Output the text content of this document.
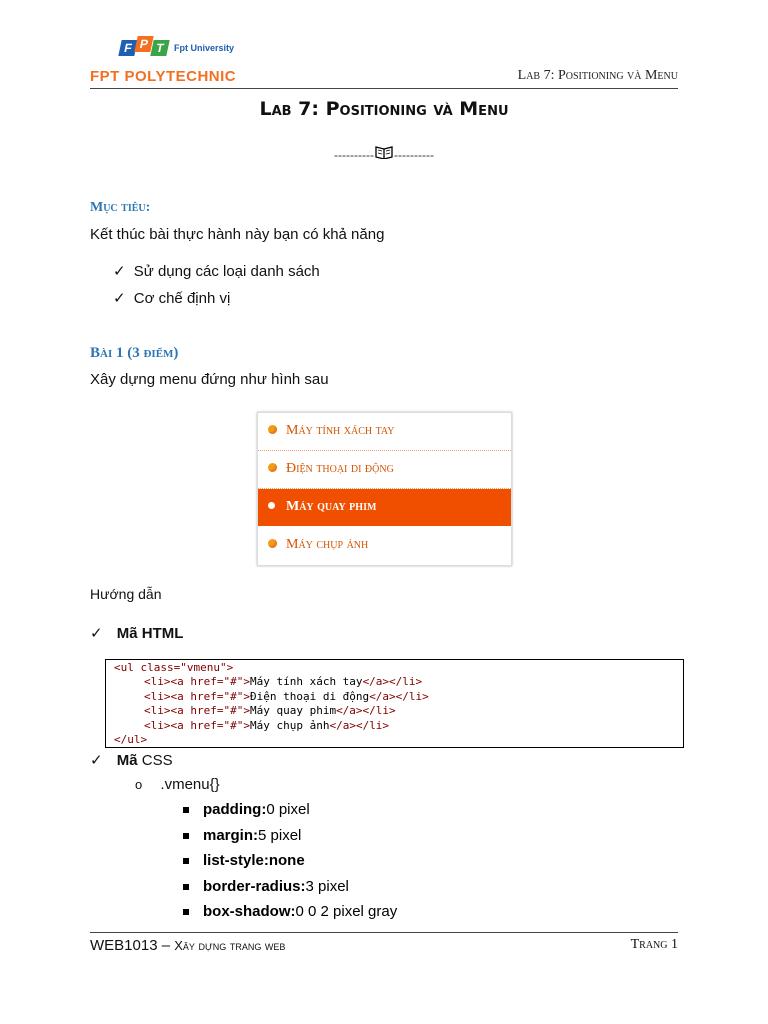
F P T Fpt University
FPT POLYTECHNIC	Lab 7: Positioning và Menu
Lab 7: Positioning và Menu
---------- ----------
Mục tiêu:
Kết thúc bài thực hành này bạn có khả năng
✓ Sử dụng các loại danh sách
✓ Cơ chế định vị
Bài 1 (3 điểm)
Xây dựng menu đứng như hình sau
Máy tính xách tay
Điện thoại di động
Máy quay phim
Máy chụp ảnh
Hướng dẫn
✓ Mã HTML
<ul class="vmenu">
<li><a href="#">Máy tính xách tay</a></li>
<li><a href="#">Điện thoại di động</a></li>
<li><a href="#">Máy quay phim</a></li>
<li><a href="#">Máy chụp ảnh</a></li>
</ul>
✓ Mã CSS
o .vmenu{}
padding:0 pixel
margin:5 pixel
list-style:none
border-radius:3 pixel
box-shadow:0 0 2 pixel gray
WEB1013 – Xây dựng trang web	Trang 1
